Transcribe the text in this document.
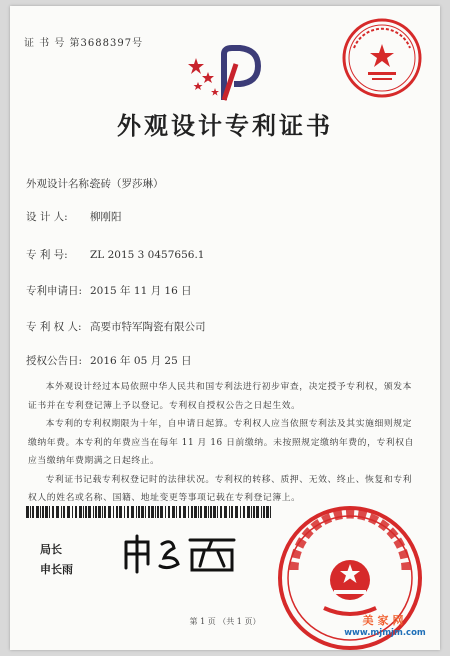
证 书 号 第3688397号
外观设计专利证书
外观设计名称:瓷砖（罗莎琳）
设 计 人: 柳刚阳
专 利 号: ZL 2015 3 0457656.1
专利申请日: 2015 年 11 月 16 日
专 利 权 人: 高要市特军陶瓷有限公司
授权公告日: 2016 年 05 月 25 日

本外观设计经过本局依照中华人民共和国专利法进行初步审查，决定授予专利权，颁发本证书并在专利登记簿上予以登记。专利权自授权公告之日起生效。

本专利的专利权期限为十年，自申请日起算。专利权人应当依照专利法及其实施细则规定缴纳年费。本专利的年费应当在每年 11 月 16 日前缴纳。未按照规定缴纳年费的，专利权自应当缴纳年费期满之日起终止。

专利证书记载专利权登记时的法律状况。专利权的转移、质押、无效、终止、恢复和专利权人的姓名或名称、国籍、地址变更等事项记载在专利登记簿上。

局长
申长雨
第 1 页 （共 1 页）	美家网
www.mjmjm.com
